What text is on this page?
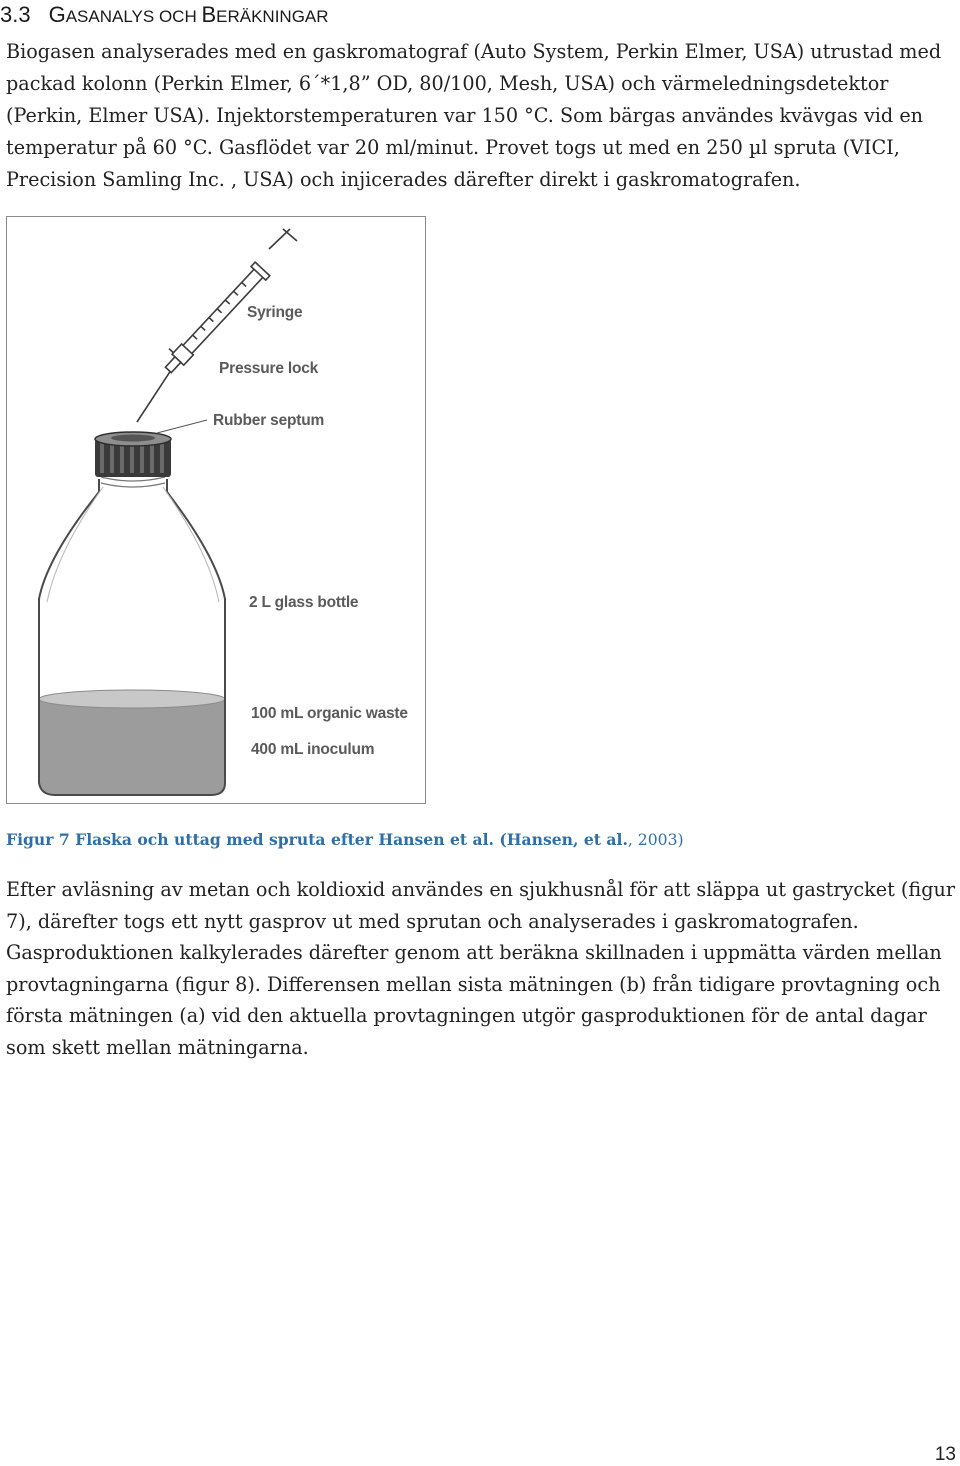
3.3 GASANALYS OCH BERÄKNINGAR
Biogasen analyserades med en gaskromatograf (Auto System, Perkin Elmer, USA) utrustad med
packad kolonn (Perkin Elmer, 6´*1,8” OD, 80/100, Mesh, USA) och värmeledningsdetektor
(Perkin, Elmer USA). Injektorstemperaturen var 150 °C. Som bärgas användes kvävgas vid en
temperatur på 60 °C. Gasflödet var 20 ml/minut. Provet togs ut med en 250 µl spruta (VICI,
Precision Samling Inc. , USA) och injicerades därefter direkt i gaskromatografen.
Syringe
Pressure lock
Rubber septum
2 L glass bottle
100 mL organic waste
400 mL inoculum
Figur 7 Flaska och uttag med spruta efter Hansen et al. (Hansen, et al., 2003)
Efter avläsning av metan och koldioxid användes en sjukhusnål för att släppa ut gastrycket (figur
7), därefter togs ett nytt gasprov ut med sprutan och analyserades i gaskromatografen.
Gasproduktionen kalkylerades därefter genom att beräkna skillnaden i uppmätta värden mellan
provtagningarna (figur 8). Differensen mellan sista mätningen (b) från tidigare provtagning och
första mätningen (a) vid den aktuella provtagningen utgör gasproduktionen för de antal dagar
som skett mellan mätningarna.
13
